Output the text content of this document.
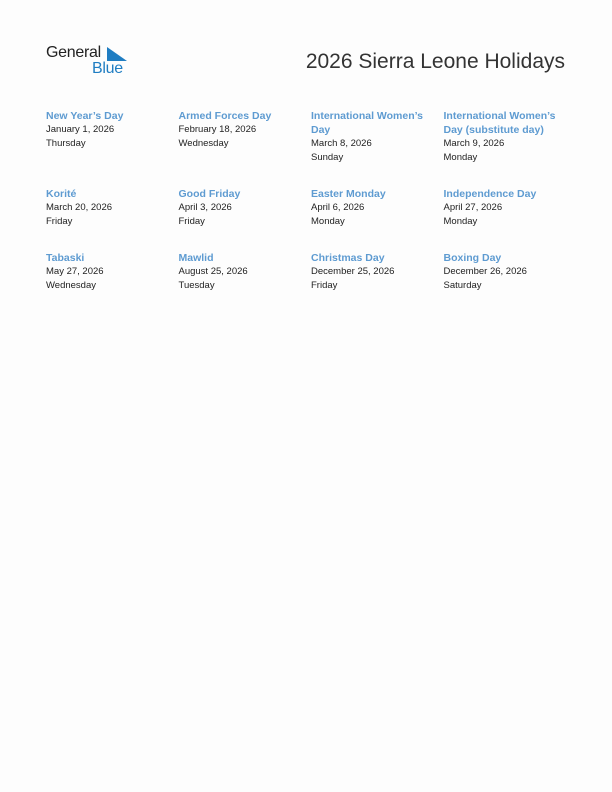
General
Blue	2026 Sierra Leone Holidays
New Year’s Day
January 1, 2026
Thursday
Armed Forces Day
February 18, 2026
Wednesday
International Women’s Day
March 8, 2026
Sunday
International Women’s Day (substitute day)
March 9, 2026
Monday
Korité
March 20, 2026
Friday
Good Friday
April 3, 2026
Friday
Easter Monday
April 6, 2026
Monday
Independence Day
April 27, 2026
Monday
Tabaski
May 27, 2026
Wednesday
Mawlid
August 25, 2026
Tuesday
Christmas Day
December 25, 2026
Friday
Boxing Day
December 26, 2026
Saturday
